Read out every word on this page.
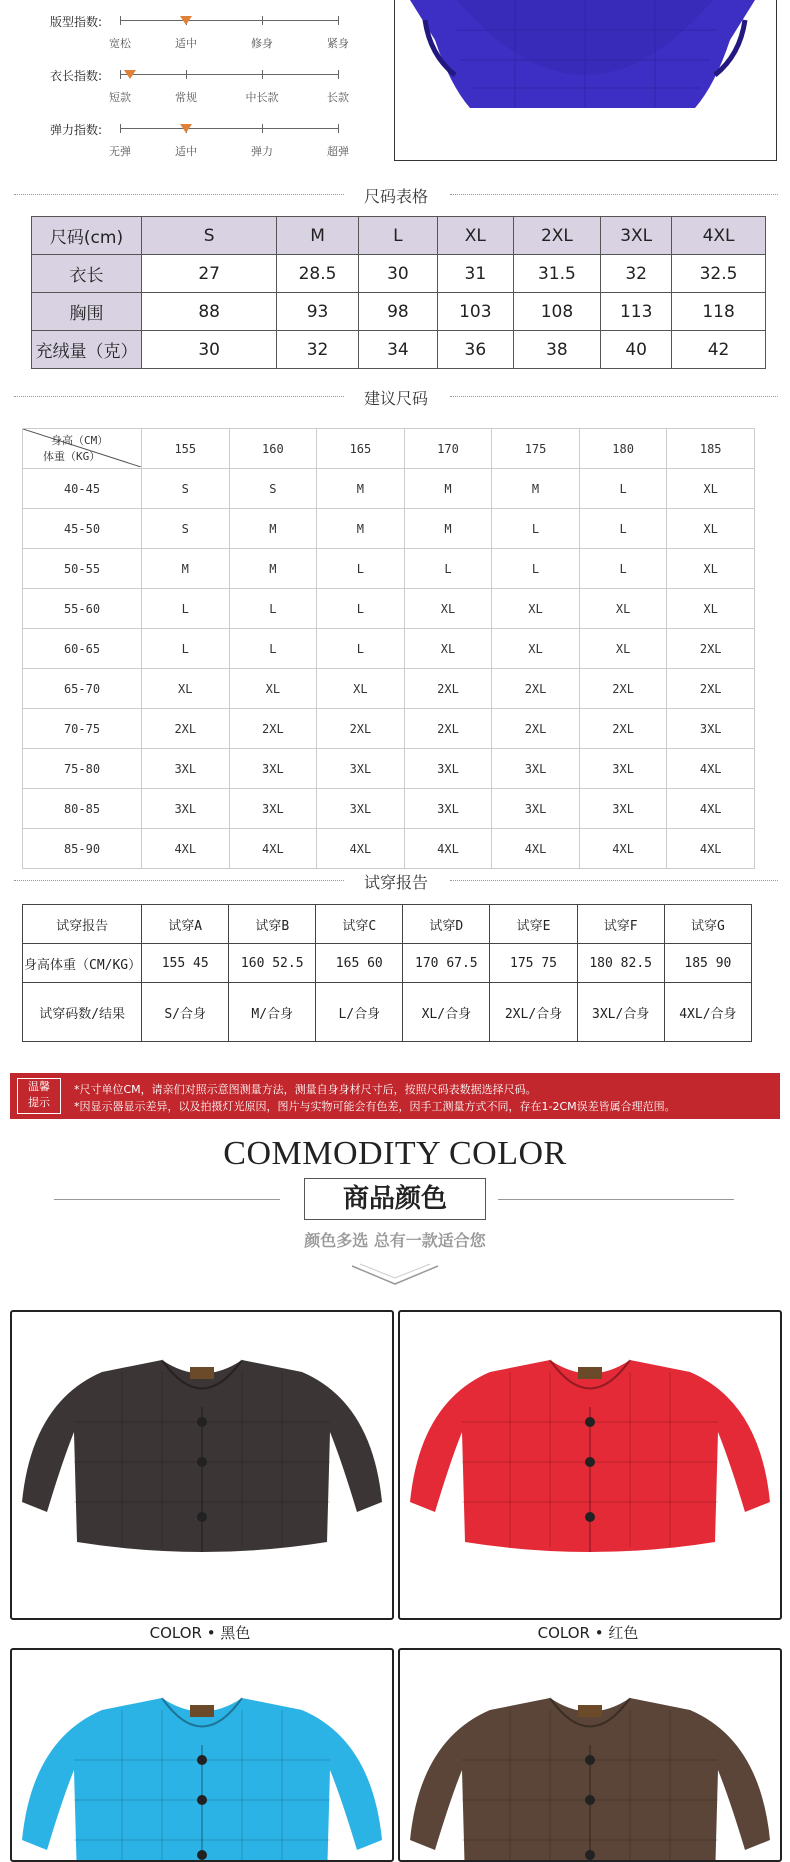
版型指数:
宽松	适中	修身	紧身
衣长指数:
短款	常规	中长款	长款
弹力指数:
无弹	适中	弹力	超弹
尺码表格
尺码(cm)	S	M	L	XL	2XL	3XL	4XL
衣长	27	28.5	30	31	31.5	32	32.5
胸围	88	93	98	103	108	113	118
充绒量（克）	30	32	34	36	38	40	42
建议尺码
身高（CM）
体重（KG）	155	160	165	170	175	180	185
40-45	S	S	M	M	M	L	XL
45-50	S	M	M	M	L	L	XL
50-55	M	M	L	L	L	L	XL
55-60	L	L	L	XL	XL	XL	XL
60-65	L	L	L	XL	XL	XL	2XL
65-70	XL	XL	XL	2XL	2XL	2XL	2XL
70-75	2XL	2XL	2XL	2XL	2XL	2XL	3XL
75-80	3XL	3XL	3XL	3XL	3XL	3XL	4XL
80-85	3XL	3XL	3XL	3XL	3XL	3XL	4XL
85-90	4XL	4XL	4XL	4XL	4XL	4XL	4XL
试穿报告
试穿报告	试穿A	试穿B	试穿C	试穿D	试穿E	试穿F	试穿G
身高体重（CM/KG）	155 45	160 52.5	165 60	170 67.5	175 75	180 82.5	185 90
试穿码数/结果	S/合身	M/合身	L/合身	XL/合身	2XL/合身	3XL/合身	4XL/合身
温馨
提示
*尺寸单位CM，请亲们对照示意图测量方法，测量自身身材尺寸后，按照尺码表数据选择尺码。
*因显示器显示差异，以及拍摄灯光原因，图片与实物可能会有色差，因手工测量方式不同，存在1-2CM误差皆属合理范围。
COMMODITY COLOR
商品颜色
颜色多选 总有一款适合您
COLOR • 黑色	COLOR • 红色
